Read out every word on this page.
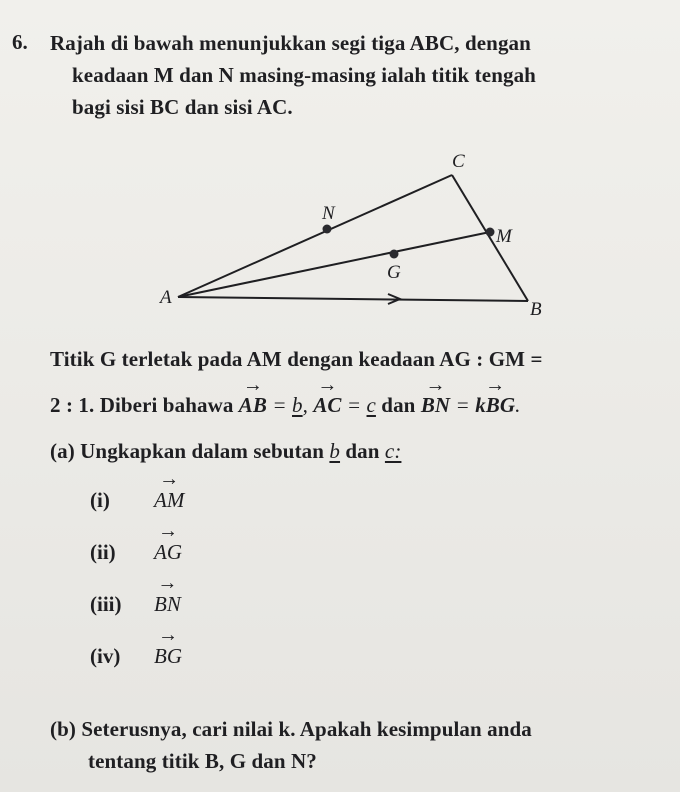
6. Rajah di bawah menunjukkan segi tiga ABC, dengan
keadaan M dan N masing-masing ialah titik tengah
bagi sisi BC dan sisi AC.
C
N
M
G
A
B
Titik G terletak pada AM dengan keadaan AG : GM =
2 : 1. Diberi bahawa → AB = b, → AC = c dan → BN = → kBG.
(a) Ungkapkan dalam sebutan b dan c:
(i) → AM
(ii) → AG
(iii) → BN
(iv) → BG
(b) Seterusnya, cari nilai k. Apakah kesimpulan anda
tentang titik B, G dan N?
